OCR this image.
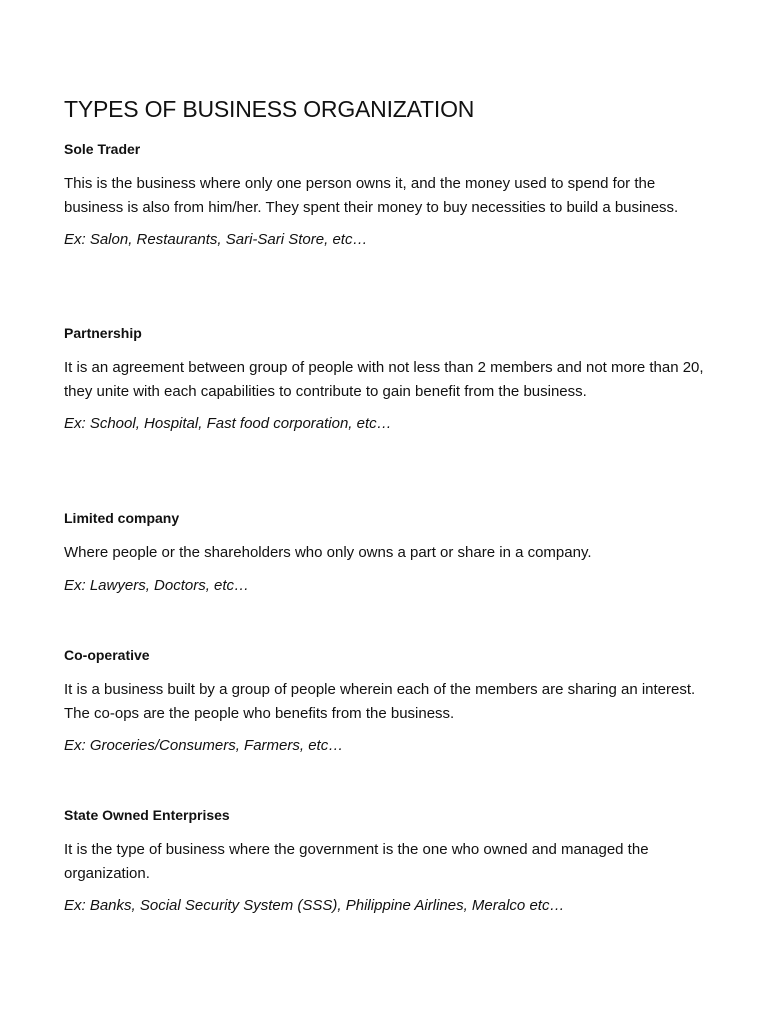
TYPES OF BUSINESS ORGANIZATION

Sole Trader

This is the business where only one person owns it, and the money used to spend for the business is also from him/her. They spent their money to buy necessities to build a business.

Ex: Salon, Restaurants, Sari-Sari Store, etc…

Partnership

It is an agreement between group of people with not less than 2 members and not more than 20, they unite with each capabilities to contribute to gain benefit from the business.

Ex: School, Hospital, Fast food corporation, etc…

Limited company

Where people or the shareholders who only owns a part or share in a company.

Ex: Lawyers, Doctors, etc…

Co-operative

It is a business built by a group of people wherein each of the members are sharing an interest. The co-ops are the people who benefits from the business.

Ex: Groceries/Consumers, Farmers, etc…

State Owned Enterprises

It is the type of business where the government is the one who owned and managed the organization.

Ex: Banks, Social Security System (SSS), Philippine Airlines, Meralco etc…
